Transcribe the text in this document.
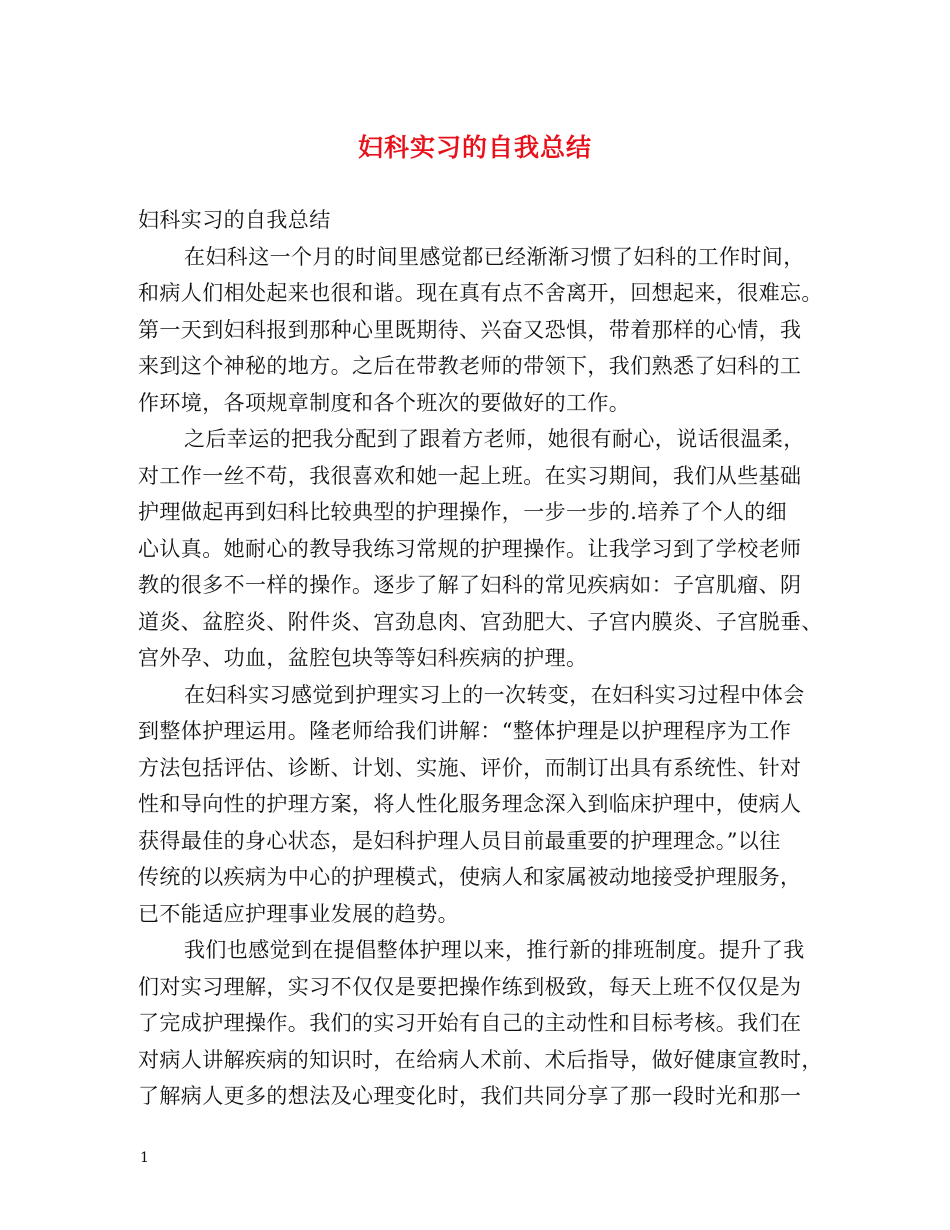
妇科实习的自我总结
妇科实习的自我总结
在妇科这一个月的时间里感觉都已经渐渐习惯了妇科的工作时间，
和病人们相处起来也很和谐。现在真有点不舍离开，回想起来，很难忘。
第一天到妇科报到那种心里既期待、兴奋又恐惧，带着那样的心情，我
来到这个神秘的地方。之后在带教老师的带领下，我们熟悉了妇科的工
作环境，各项规章制度和各个班次的要做好的工作。
之后幸运的把我分配到了跟着方老师，她很有耐心，说话很温柔，
对工作一丝不苟，我很喜欢和她一起上班。在实习期间，我们从些基础
护理做起再到妇科比较典型的护理操作，一步一步的.培养了个人的细
心认真。她耐心的教导我练习常规的护理操作。让我学习到了学校老师
教的很多不一样的操作。逐步了解了妇科的常见疾病如：子宫肌瘤、阴
道炎、盆腔炎、附件炎、宫劲息肉、宫劲肥大、子宫内膜炎、子宫脱垂、
宫外孕、功血，盆腔包块等等妇科疾病的护理。
在妇科实习感觉到护理实习上的一次转变，在妇科实习过程中体会
到整体护理运用。隆老师给我们讲解：“整体护理是以护理程序为工作
方法包括评估、诊断、计划、实施、评价，而制订出具有系统性、针对
性和导向性的护理方案，将人性化服务理念深入到临床护理中，使病人
获得最佳的身心状态，是妇科护理人员目前最重要的护理理念。”以往
传统的以疾病为中心的护理模式，使病人和家属被动地接受护理服务，
已不能适应护理事业发展的趋势。
我们也感觉到在提倡整体护理以来，推行新的排班制度。提升了我
们对实习理解，实习不仅仅是要把操作练到极致，每天上班不仅仅是为
了完成护理操作。我们的实习开始有自己的主动性和目标考核。我们在
对病人讲解疾病的知识时，在给病人术前、术后指导，做好健康宣教时，
了解病人更多的想法及心理变化时，我们共同分享了那一段时光和那一
1
